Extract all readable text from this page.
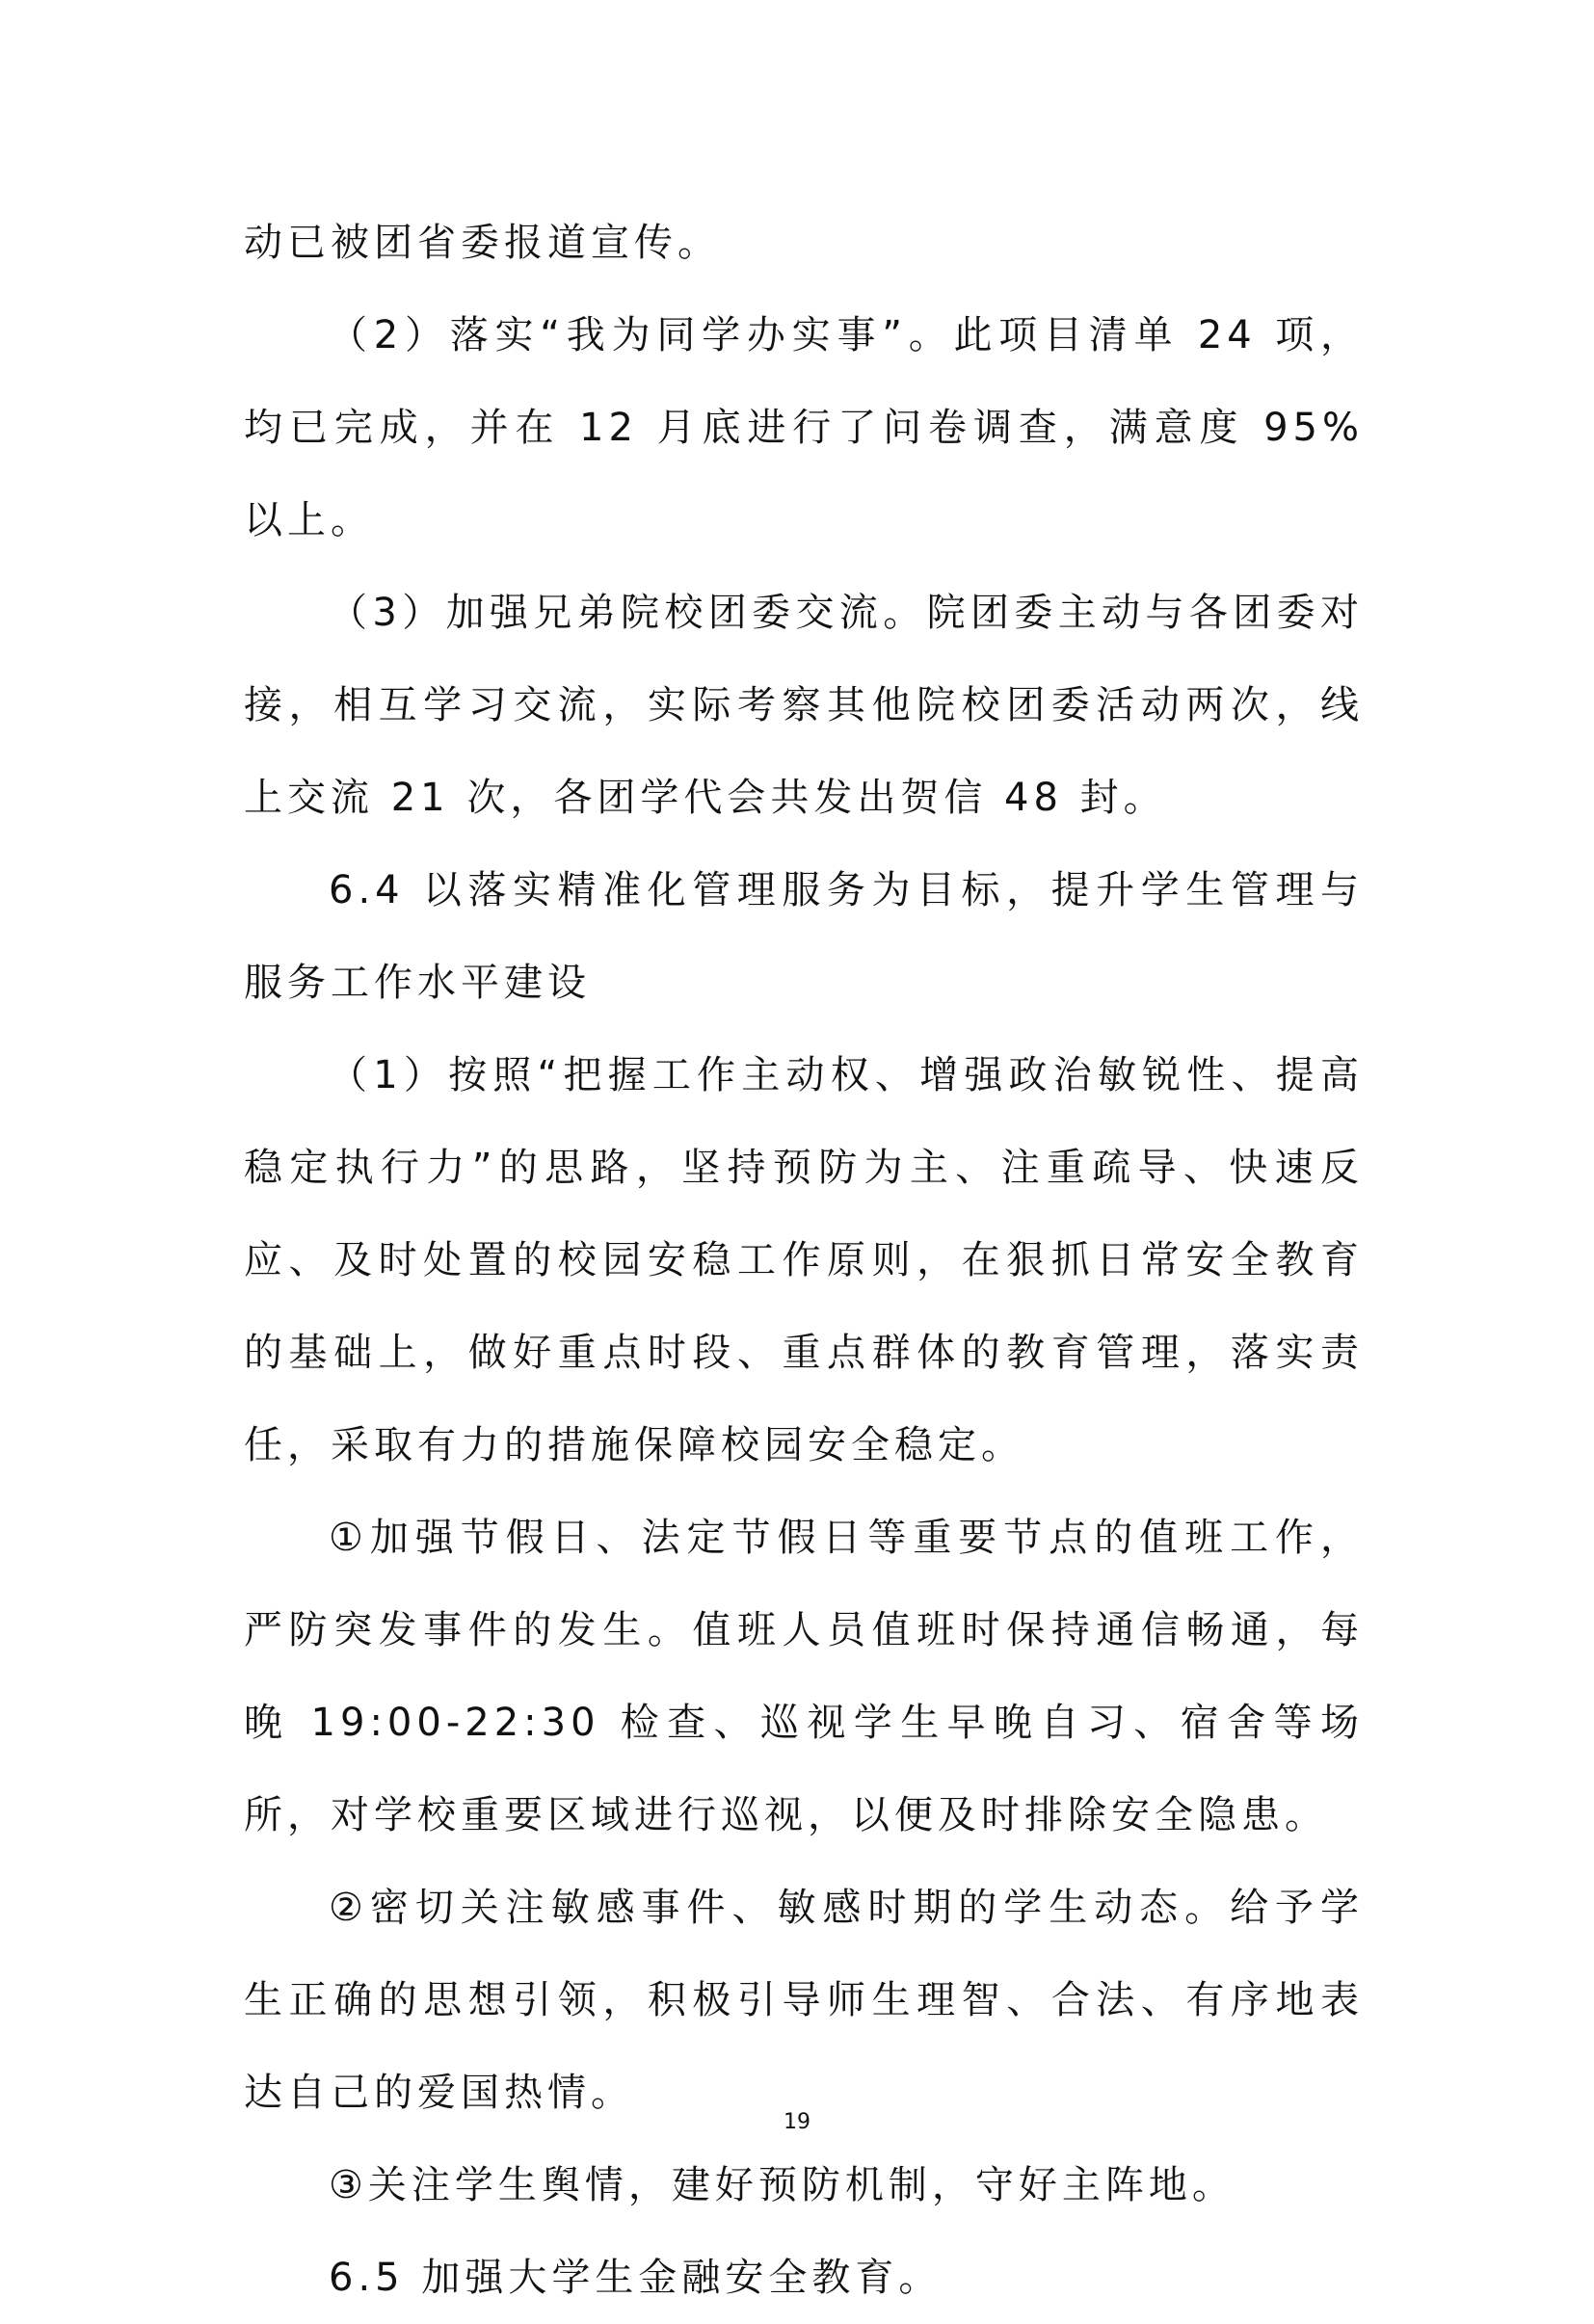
动已被团省委报道宣传。

（2）落实“我为同学办实事”。此项目清单 24 项，均已完成，并在 12 月底进行了问卷调查，满意度 95%以上。

（3）加强兄弟院校团委交流。院团委主动与各团委对接，相互学习交流，实际考察其他院校团委活动两次，线上交流 21 次，各团学代会共发出贺信 48 封。

6.4 以落实精准化管理服务为目标，提升学生管理与服务工作水平建设

（1）按照“把握工作主动权、增强政治敏锐性、提高稳定执行力”的思路，坚持预防为主、注重疏导、快速反应、及时处置的校园安稳工作原则，在狠抓日常安全教育的基础上，做好重点时段、重点群体的教育管理，落实责任，采取有力的措施保障校园安全稳定。

①加强节假日、法定节假日等重要节点的值班工作，严防突发事件的发生。值班人员值班时保持通信畅通，每晚 19:00-22:30 检查、巡视学生早晚自习、宿舍等场所，对学校重要区域进行巡视，以便及时排除安全隐患。

②密切关注敏感事件、敏感时期的学生动态。给予学生正确的思想引领，积极引导师生理智、合法、有序地表达自己的爱国热情。

③关注学生舆情，建好预防机制，守好主阵地。

6.5 加强大学生金融安全教育。

19
